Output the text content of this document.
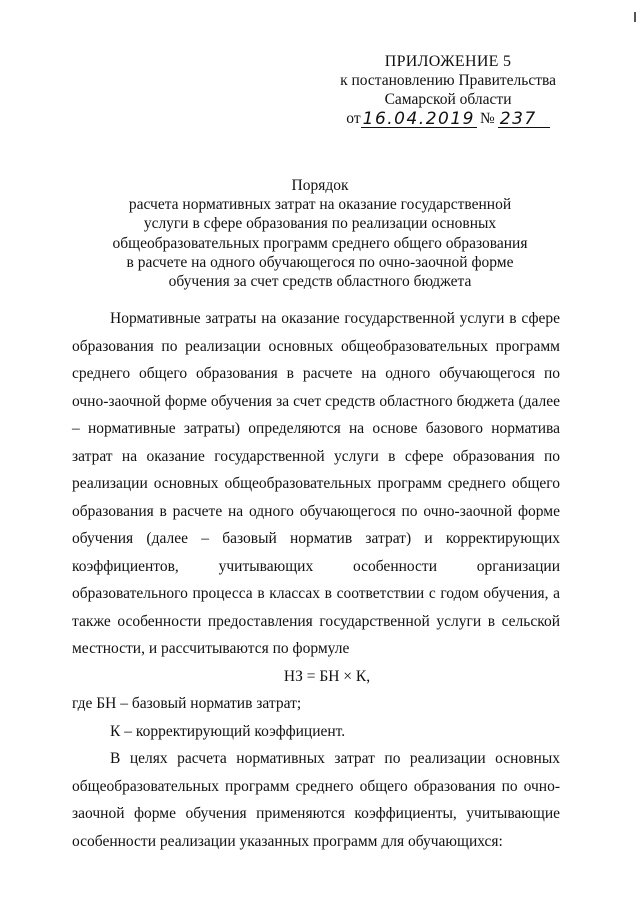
ПРИЛОЖЕНИЕ 5
к постановлению Правительства
Самарской области
от 16.04.2019 № 237
Порядок
расчета нормативных затрат на оказание государственной
услуги в сфере образования по реализации основных
общеобразовательных программ среднего общего образования
в расчете на одного обучающегося по очно-заочной форме
обучения за счет средств областного бюджета

Нормативные затраты на оказание государственной услуги в сфере образования по реализации основных общеобразовательных программ среднего общего образования в расчете на одного обучающегося по очно-заочной форме обучения за счет средств областного бюджета (далее – нормативные затраты) определяются на основе базового норматива затрат на оказание государственной услуги в сфере образования по реализации основных общеобразовательных программ среднего общего образования в расчете на одного обучающегося по очно-заочной форме обучения (далее – базовый норматив затрат) и корректирующих коэффициентов, учитывающих особенности организации образовательного процесса в классах в соответствии с годом обучения, а также особенности предоставления государственной услуги в сельской местности, и рассчитываются по формуле

НЗ = БН × К,

где БН – базовый норматив затрат;

К – корректирующий коэффициент.

В целях расчета нормативных затрат по реализации основных общеобразовательных программ среднего общего образования по очно-заочной форме обучения применяются коэффициенты, учитывающие особенности реализации указанных программ для обучающихся:
